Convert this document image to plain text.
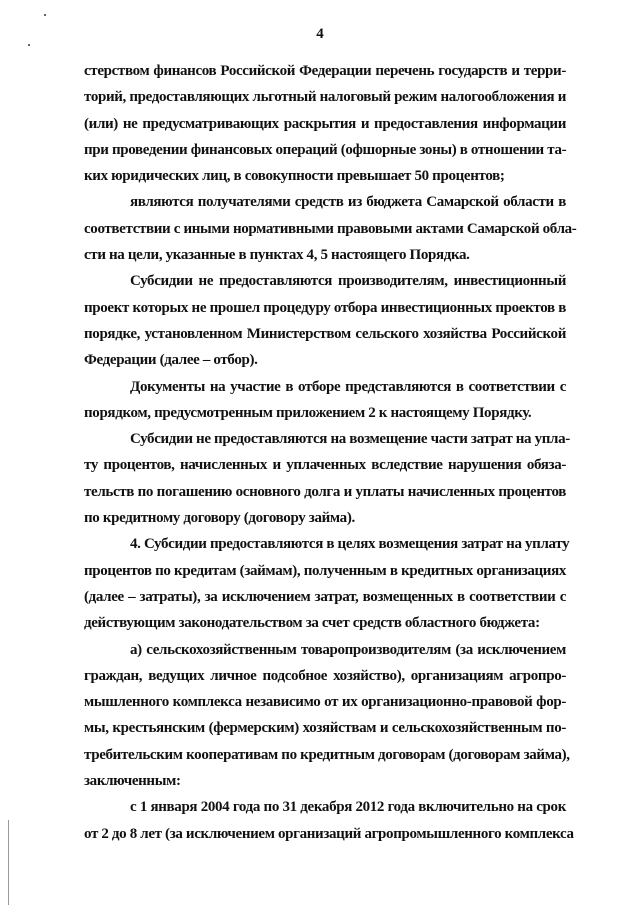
4
стерством финансов Российской Федерации перечень государств и терри-
торий, предоставляющих льготный налоговый режим налогообложения и
(или) не предусматривающих раскрытия и предоставления информации
при проведении финансовых операций (офшорные зоны) в отношении та-
ких юридических лиц, в совокупности превышает 50 процентов;
являются получателями средств из бюджета Самарской области в
соответствии с иными нормативными правовыми актами Самарской обла-
сти на цели, указанные в пунктах 4, 5 настоящего Порядка.
Субсидии не предоставляются производителям, инвестиционный
проект которых не прошел процедуру отбора инвестиционных проектов в
порядке, установленном Министерством сельского хозяйства Российской
Федерации (далее – отбор).
Документы на участие в отборе представляются в соответствии с
порядком, предусмотренным приложением 2 к настоящему Порядку.
Субсидии не предоставляются на возмещение части затрат на упла-
ту процентов, начисленных и уплаченных вследствие нарушения обяза-
тельств по погашению основного долга и уплаты начисленных процентов
по кредитному договору (договору займа).
4. Субсидии предоставляются в целях возмещения затрат на уплату
процентов по кредитам (займам), полученным в кредитных организациях
(далее – затраты), за исключением затрат, возмещенных в соответствии с
действующим законодательством за счет средств областного бюджета:
а) сельскохозяйственным товаропроизводителям (за исключением
граждан, ведущих личное подсобное хозяйство), организациям агропро-
мышленного комплекса независимо от их организационно-правовой фор-
мы, крестьянским (фермерским) хозяйствам и сельскохозяйственным по-
требительским кооперативам по кредитным договорам (договорам займа),
заключенным:
с 1 января 2004 года по 31 декабря 2012 года включительно на срок
от 2 до 8 лет (за исключением организаций агропромышленного комплекса
